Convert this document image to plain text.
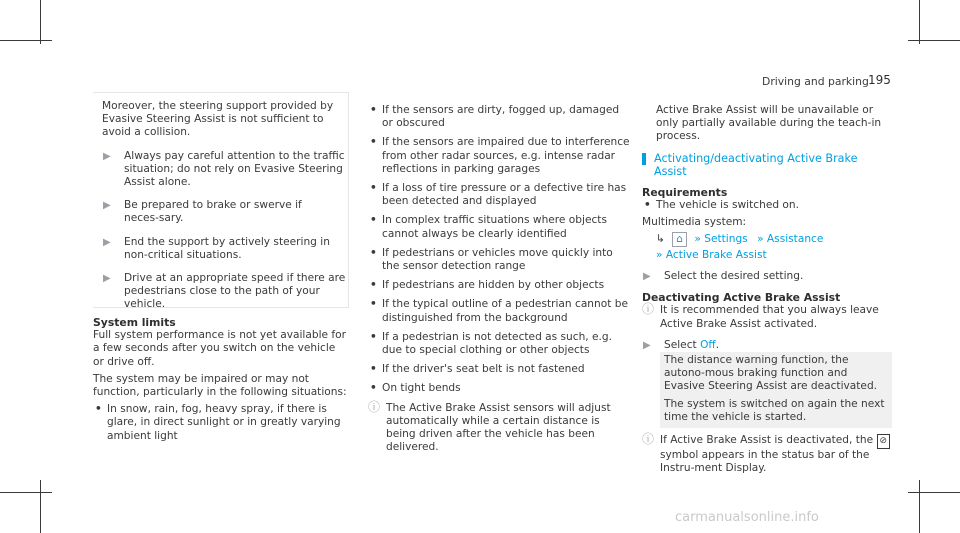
Driving and parking 195

Moreover, the steering support provided by Evasive Steering Assist is not sufficient to avoid a collision.

▶ Always pay careful attention to the traffic situation; do not rely on Evasive Steering Assist alone.
▶ Be prepared to brake or swerve if neces‑sary.
▶ End the support by actively steering in non‑critical situations.
▶ Drive at an appropriate speed if there are pedestrians close to the path of your vehicle.

System limits

Full system performance is not yet available for a few seconds after you switch on the vehicle or drive off.

The system may be impaired or may not function, particularly in the following situations:

• In snow, rain, fog, heavy spray, if there is glare, in direct sunlight or in greatly varying ambient light
• If the sensors are dirty, fogged up, damaged or obscured
• If the sensors are impaired due to interference from other radar sources, e.g. intense radar reflections in parking garages
• If a loss of tire pressure or a defective tire has been detected and displayed
• In complex traffic situations where objects cannot always be clearly identified
• If pedestrians or vehicles move quickly into the sensor detection range
• If pedestrians are hidden by other objects
• If the typical outline of a pedestrian cannot be distinguished from the background
• If a pedestrian is not detected as such, e.g. due to special clothing or other objects
• If the driver's seat belt is not fastened
• On tight bends
ⓘ The Active Brake Assist sensors will adjust automatically while a certain distance is being driven after the vehicle has been delivered.

Active Brake Assist will be unavailable or only partially available during the teach‑in process.

Activating/deactivating Active Brake Assist

Requirements

• The vehicle is switched on.

Multimedia system:

↳ ⌂ » Settings » Assistance
» Active Brake Assist
▶ Select the desired setting.

Deactivating Active Brake Assist

ⓘ It is recommended that you always leave Active Brake Assist activated.
▶ Select Off.

The distance warning function, the autono‑mous braking function and Evasive Steering Assist are deactivated.

The system is switched on again the next time the vehicle is started.

ⓘ If Active Brake Assist is deactivated, the ⊘ symbol appears in the status bar of the Instru‑ment Display.
carmanualsonline.info
